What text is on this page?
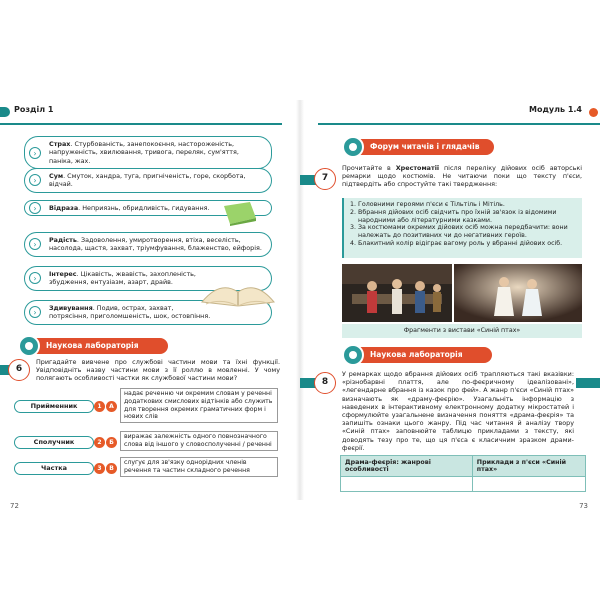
Розділ 1
›
Страх. Стурбованість, занепокоєння, настороженість, напруженість, хвилювання, тривога, переляк, сум'яття, паніка, жах.
›
Сум. Смуток, хандра, туга, пригніченість, горе, скорбота, відчай.
›	Відраза. Неприязнь, обридливість, гидування.
›
Радість. Задоволення, умиротворення, втіха, веселість, насолода, щастя, захват, тріумфування, блаженство, ейфорія.
›
Інтерес. Цікавість, жвавість, захопленість, збудження, ентузіазм, азарт, драйв.
›
Здивування. Подив, острах, захват, потрясіння, приголомшеність, шок, остовпіння.
Наукова лабораторія
6
Пригадайте вивчене про службові частини мови та їхні функції. Увідповідніть назву частини мови з її роллю в мовленні. У чому полягають особливості частки як службової частини мови?
Прийменник	1	А
надає реченню чи окремим словам у реченні додаткових смислових відтінків або служить для творення окремих граматичних форм і нових слів
Сполучник	2	Б
виражає залежність одного повнозначного слова від іншого у словосполученні / реченні
Частка	3	В
слугує для зв'язку однорідних членів речення та частин складного речення
72
Модуль 1.4
Форум читачів і глядачів
7
Прочитайте в Хрестоматії після переліку дійових осіб авторські ремарки щодо костюмів. Не читаючи поки що тексту п'єси, підтвердіть або спростуйте такі твердження:
1. Головними героями п'єси є Тільтіль і Мітіль.
2. Вбрання дійових осіб свідчить про їхній зв'язок із відомими народними або літературними казками.
3. За костюмами окремих дійових осіб можна передбачити: вони належать до позитивних чи до негативних героїв.
4. Блакитний колір відіграє вагому роль у вбранні дійових осіб.
Фрагменти з вистави «Синій птах»
Наукова лабораторія
8
У ремарках щодо вбрання дійових осіб трапляються такі вказівки: «різнобарвні плаття, але по-феєричному ідеалізовані», «легендарне вбрання із казок про фей». А жанр п'єси «Синій птах» визначають як «драму-феєрію». Узагальніть інформацію з наведених в інтерактивному електронному додатку мікростатей і сформулюйте узагальнене визначення поняття «драма-феєрія» та запишіть ознаки цього жанру. Під час читання й аналізу твору «Синій птах» заповнюйте таблицю прикладами з тексту, які доводять тезу про те, що ця п'єса є класичним зразком драми-феєрії.
Драма-феєрія: жанрові особливості	Приклади з п'єси «Синій птах»

73
